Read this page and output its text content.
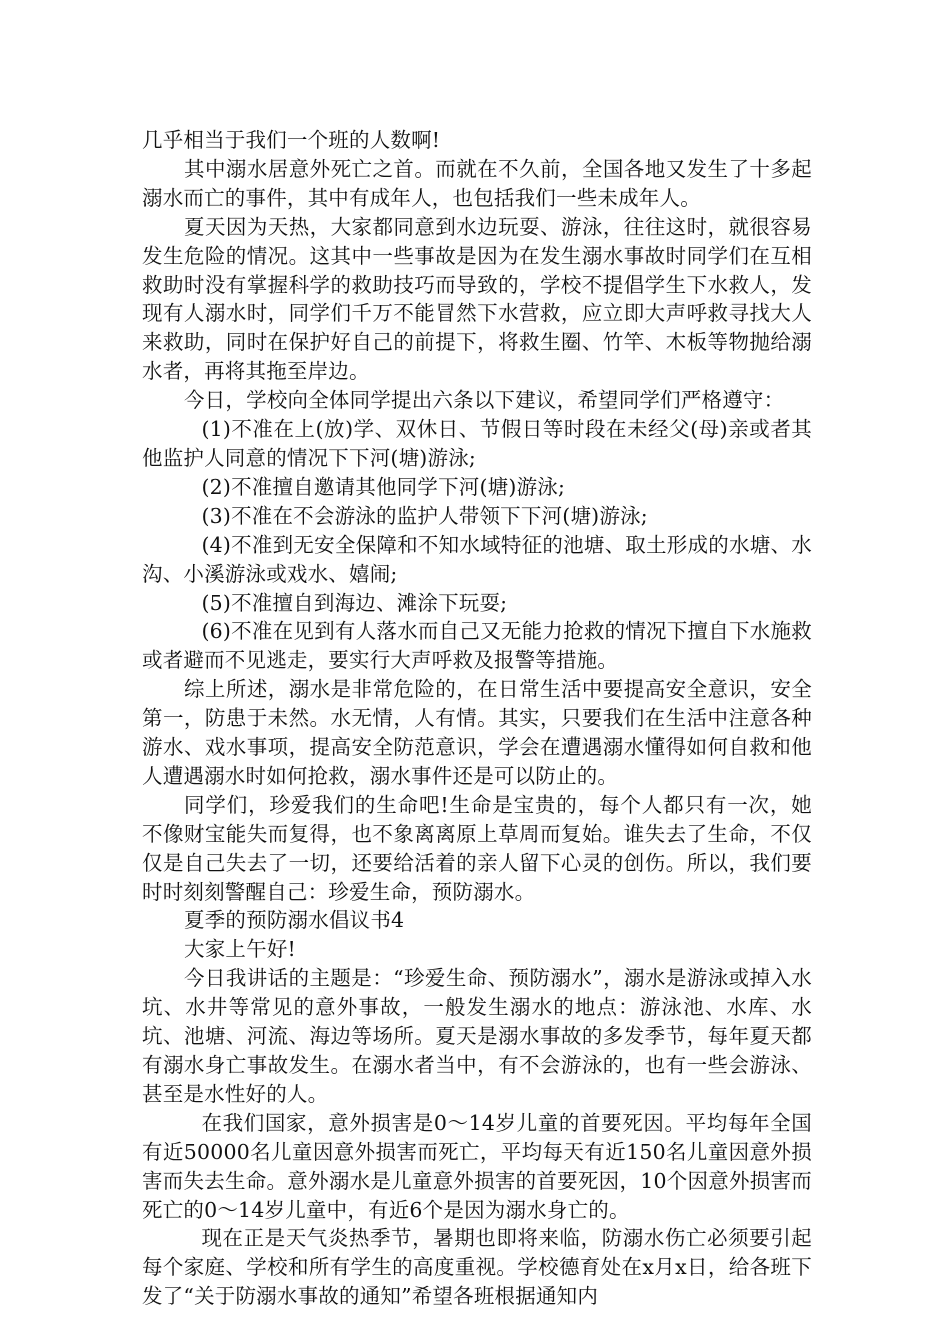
几乎相当于我们一个班的人数啊!

其中溺水居意外死亡之首。而就在不久前，全国各地又发生了十多起溺水而亡的事件，其中有成年人，也包括我们一些未成年人。

夏天因为天热，大家都同意到水边玩耍、游泳，往往这时，就很容易发生危险的情况。这其中一些事故是因为在发生溺水事故时同学们在互相救助时没有掌握科学的救助技巧而导致的，学校不提倡学生下水救人，发现有人溺水时，同学们千万不能冒然下水营救，应立即大声呼救寻找大人来救助，同时在保护好自己的前提下，将救生圈、竹竿、木板等物抛给溺水者，再将其拖至岸边。

今日，学校向全体同学提出六条以下建议，希望同学们严格遵守：

(1)不准在上(放)学、双休日、节假日等时段在未经父(母)亲或者其他监护人同意的情况下下河(塘)游泳;

(2)不准擅自邀请其他同学下河(塘)游泳;

(3)不准在不会游泳的监护人带领下下河(塘)游泳;

(4)不准到无安全保障和不知水域特征的池塘、取土形成的水塘、水沟、小溪游泳或戏水、嬉闹;

(5)不准擅自到海边、滩涂下玩耍;

(6)不准在见到有人落水而自己又无能力抢救的情况下擅自下水施救或者避而不见逃走，要实行大声呼救及报警等措施。

综上所述，溺水是非常危险的，在日常生活中要提高安全意识，安全第一，防患于未然。水无情，人有情。其实，只要我们在生活中注意各种游水、戏水事项，提高安全防范意识，学会在遭遇溺水懂得如何自救和他人遭遇溺水时如何抢救，溺水事件还是可以防止的。

同学们，珍爱我们的生命吧!生命是宝贵的，每个人都只有一次，她不像财宝能失而复得，也不象离离原上草周而复始。谁失去了生命，不仅仅是自己失去了一切，还要给活着的亲人留下心灵的创伤。所以，我们要时时刻刻警醒自己：珍爱生命，预防溺水。

夏季的预防溺水倡议书4

大家上午好!

今日我讲话的主题是：“珍爱生命、预防溺水”，溺水是游泳或掉入水坑、水井等常见的意外事故，一般发生溺水的地点：游泳池、水库、水坑、池塘、河流、海边等场所。夏天是溺水事故的多发季节，每年夏天都有溺水身亡事故发生。在溺水者当中，有不会游泳的，也有一些会游泳、甚至是水性好的人。

在我们国家，意外损害是0～14岁儿童的首要死因。平均每年全国有近50000名儿童因意外损害而死亡，平均每天有近150名儿童因意外损害而失去生命。意外溺水是儿童意外损害的首要死因，10个因意外损害而死亡的0～14岁儿童中，有近6个是因为溺水身亡的。

现在正是天气炎热季节，暑期也即将来临，防溺水伤亡必须要引起每个家庭、学校和所有学生的高度重视。学校德育处在x月x日，给各班下发了“关于防溺水事故的通知”希望各班根据通知内
